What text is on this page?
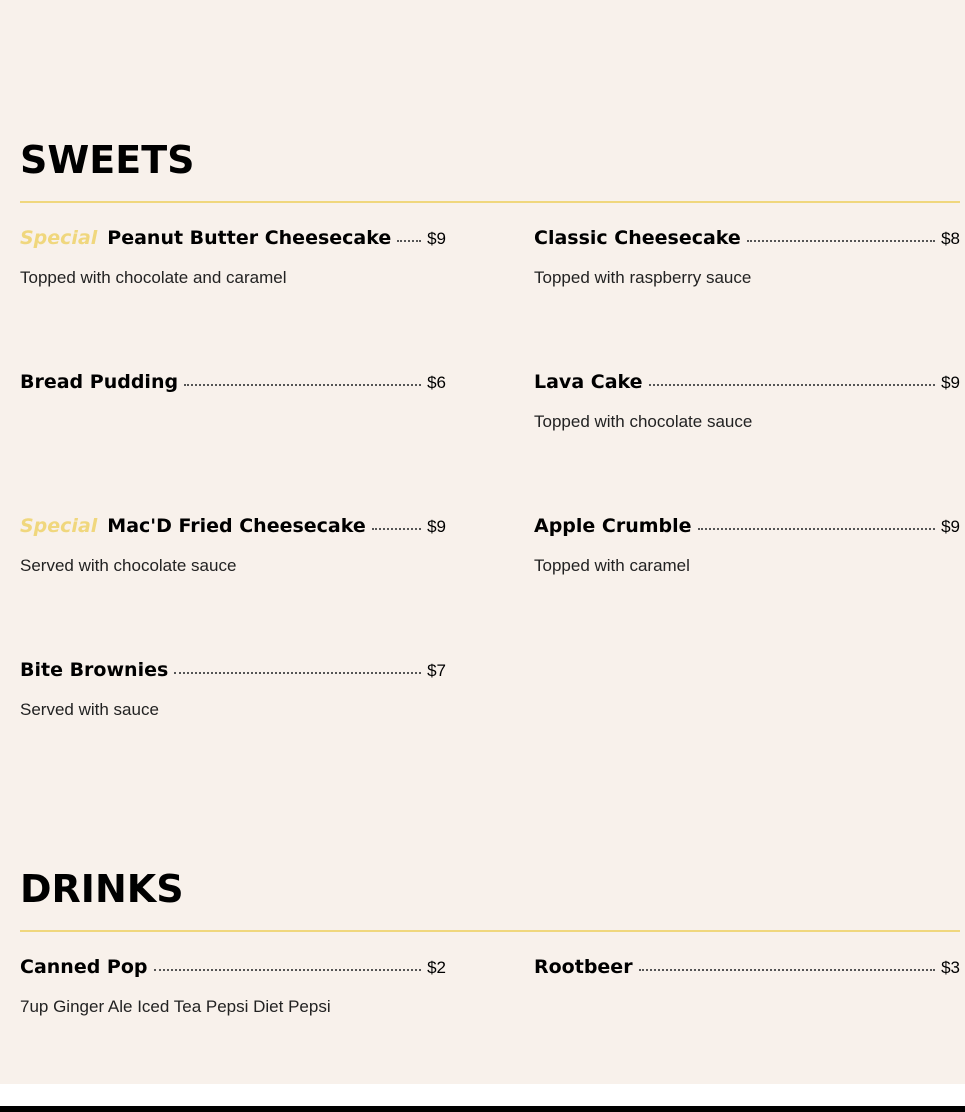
SWEETS
Special Peanut Butter Cheesecake $9
Topped with chocolate and caramel
Classic Cheesecake	$8
Topped with raspberry sauce
Bread Pudding	$6	Lava Cake	$9
Topped with chocolate sauce
Special Mac'D Fried Cheesecake	$9
Served with chocolate sauce
Apple Crumble	$9
Topped with caramel
Bite Brownies	$7
Served with sauce
DRINKS
Canned Pop	$2
7up Ginger Ale Iced Tea Pepsi Diet Pepsi
Rootbeer	$3
